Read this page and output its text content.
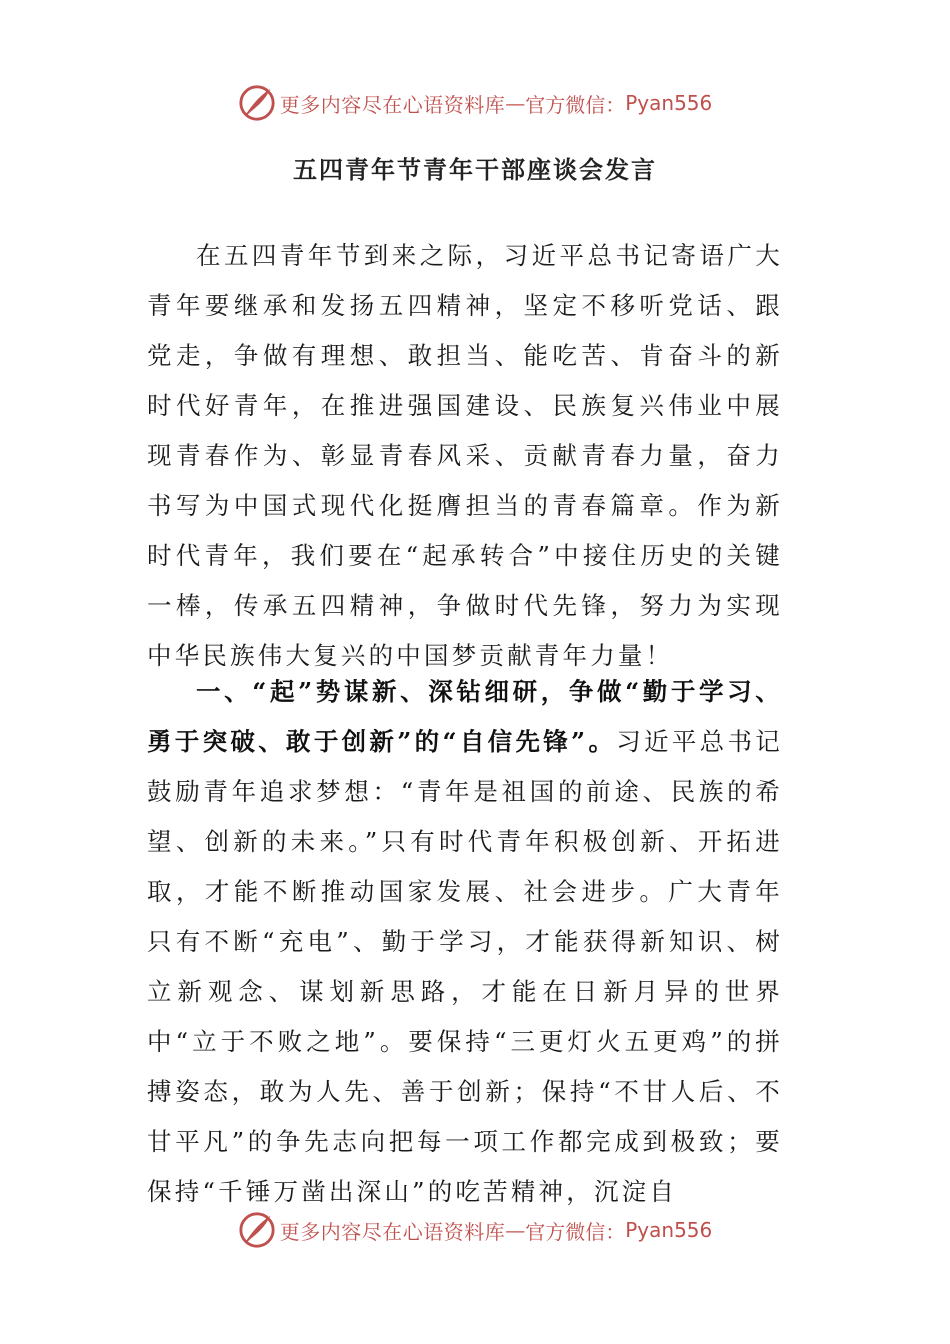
更多内容尽在心语资料库 — 官方微信： Pyan556
五四青年节青年干部座谈会发言

在五四青年节到来之际，习近平总书记寄语广大青年要继承和发扬五四精神，坚定不移听党话、跟党走，争做有理想、敢担当、能吃苦、肯奋斗的新时代好青年，在推进强国建设、民族复兴伟业中展现青春作为、彰显青春风采、贡献青春力量，奋力书写为中国式现代化挺膺担当的青春篇章。作为新时代青年，我们要在“起承转合”中接住历史的关键一棒，传承五四精神，争做时代先锋，努力为实现中华民族伟大复兴的中国梦贡献青年力量！

一、“起”势谋新、深钻细研，争做“勤于学习、勇于突破、敢于创新”的“自信先锋”。习近平总书记鼓励青年追求梦想：“青年是祖国的前途、民族的希望、创新的未来。”只有时代青年积极创新、开拓进取，才能不断推动国家发展、社会进步。广大青年只有不断“充电”、勤于学习，才能获得新知识、树立新观念、谋划新思路，才能在日新月异的世界中“立于不败之地”。要保持“三更灯火五更鸡”的拼搏姿态，敢为人先、善于创新；保持“不甘人后、不甘平凡”的争先志向把每一项工作都完成到极致；要保持“千锤万凿出深山”的吃苦精神，沉淀自

更多内容尽在心语资料库 — 官方微信： Pyan556
